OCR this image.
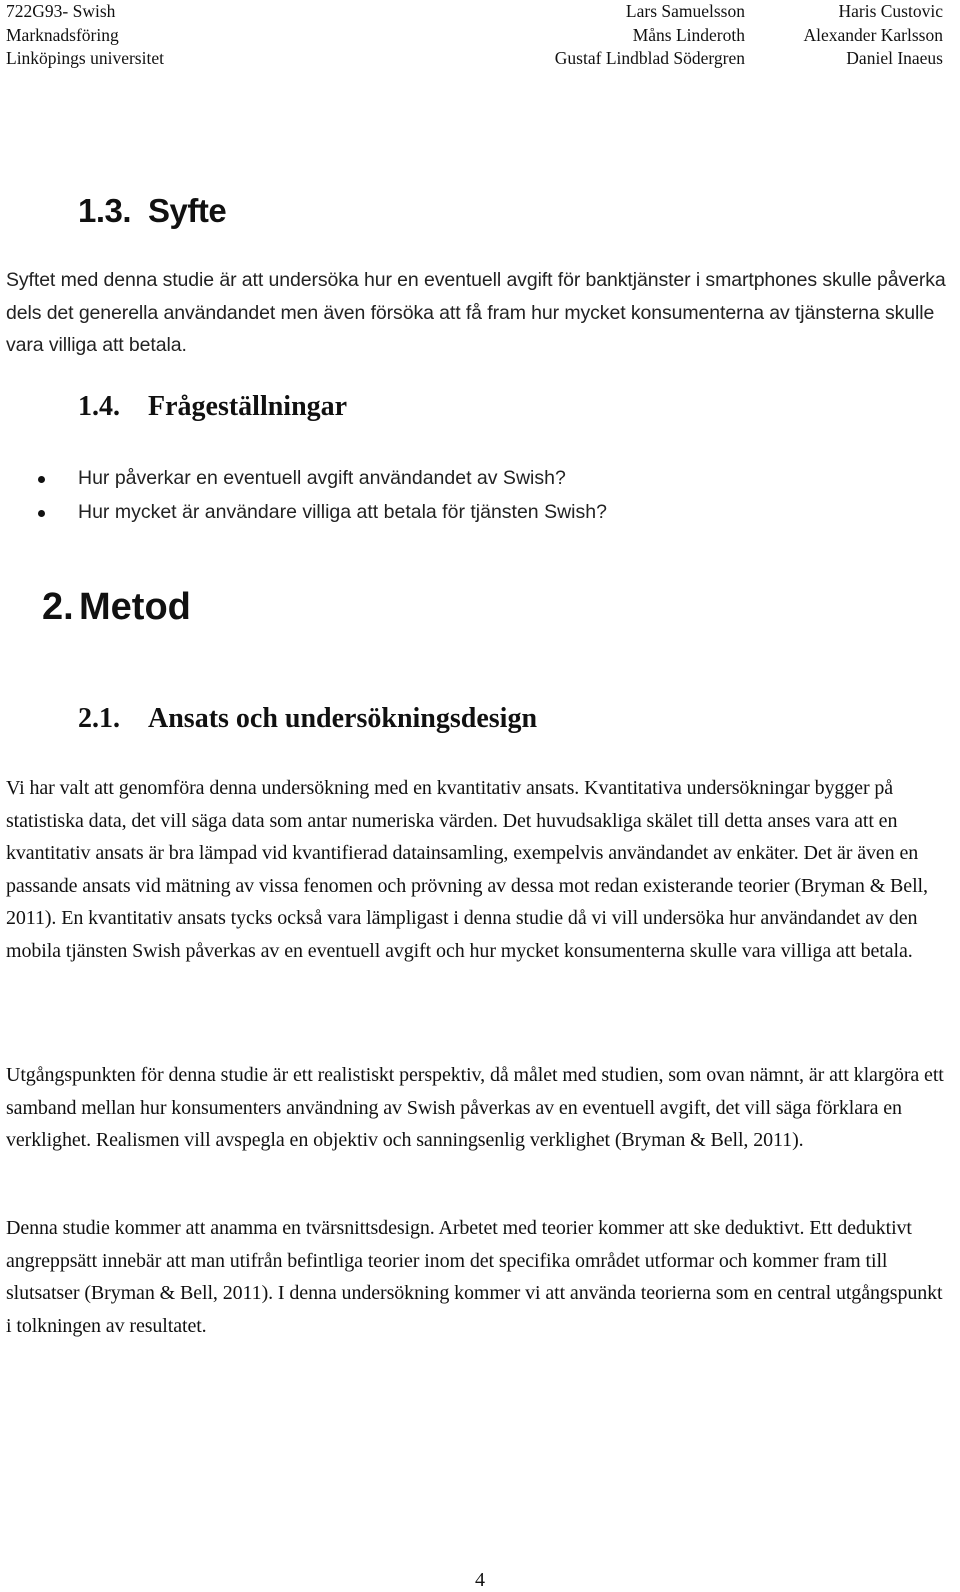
722G93- Swish
Marknadsföring
Linköpings universitet
Lars Samuelsson
Måns Linderoth
Gustaf Lindblad Södergren
Haris Custovic
Alexander Karlsson
Daniel Inaeus
1.3. Syfte

Syftet med denna studie är att undersöka hur en eventuell avgift för banktjänster i smartphones skulle påverka dels det generella användandet men även försöka att få fram hur mycket konsumenterna av tjänsterna skulle vara villiga att betala.

1.4. Frågeställningar
Hur påverkar en eventuell avgift användandet av Swish?
Hur mycket är användare villiga att betala för tjänsten Swish?
2. Metod
2.1. Ansats och undersökningsdesign

Vi har valt att genomföra denna undersökning med en kvantitativ ansats. Kvantitativa undersökningar bygger på statistiska data, det vill säga data som antar numeriska värden. Det huvudsakliga skälet till detta anses vara att en kvantitativ ansats är bra lämpad vid kvantifierad datainsamling, exempelvis användandet av enkäter. Det är även en passande ansats vid mätning av vissa fenomen och prövning av dessa mot redan existerande teorier (Bryman & Bell, 2011). En kvantitativ ansats tycks också vara lämpligast i denna studie då vi vill undersöka hur användandet av den mobila tjänsten Swish påverkas av en eventuell avgift och hur mycket konsumenterna skulle vara villiga att betala.

Utgångspunkten för denna studie är ett realistiskt perspektiv, då målet med studien, som ovan nämnt, är att klargöra ett samband mellan hur konsumenters användning av Swish påverkas av en eventuell avgift, det vill säga förklara en verklighet. Realismen vill avspegla en objektiv och sanningsenlig verklighet (Bryman & Bell, 2011).

Denna studie kommer att anamma en tvärsnittsdesign. Arbetet med teorier kommer att ske deduktivt. Ett deduktivt angreppsätt innebär att man utifrån befintliga teorier inom det specifika området utformar och kommer fram till slutsatser (Bryman & Bell, 2011). I denna undersökning kommer vi att använda teorierna som en central utgångspunkt i tolkningen av resultatet.

4
